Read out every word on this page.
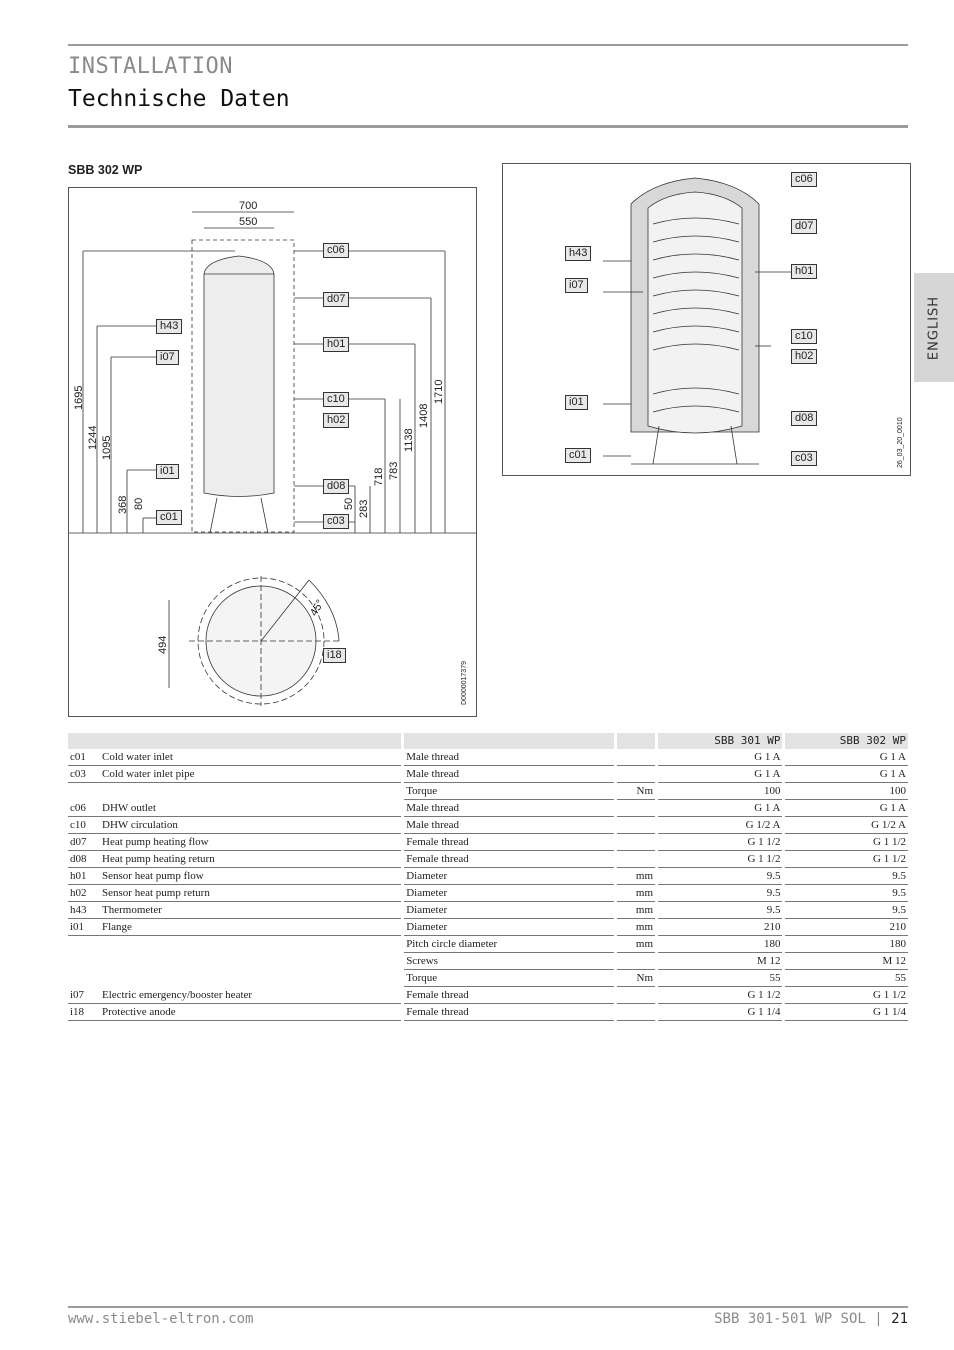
INSTALLATION
Technische Daten
ENGLISH
SBB 302 WP
700
550
1695
1244 1095
368 80	50 283
718 783
1138
1408
1710
494
45°
D0000017379
c06
d07
h43
h01
i07
c10
h02
i01
d08
c01	c03
i18
26_03_20_0010
c06
d07
h43
h01
i07
c10
h02
i01
d08
c01	c03
						SBB 301 WP		SBB 302 WP
c01 Cold water inlet		Male thread				G 1 A		G 1 A
c03 Cold water inlet pipe		Male thread				G 1 A		G 1 A
		Torque		Nm		100		100
c06 DHW outlet		Male thread				G 1 A		G 1 A
c10 DHW circulation		Male thread				G 1/2 A		G 1/2 A
d07 Heat pump heating flow		Female thread				G 1 1/2		G 1 1/2
d08 Heat pump heating return		Female thread				G 1 1/2		G 1 1/2
h01 Sensor heat pump flow		Diameter		mm		9.5		9.5
h02 Sensor heat pump return		Diameter		mm		9.5		9.5
h43 Thermometer		Diameter		mm		9.5		9.5
i01 Flange		Diameter		mm		210		210
		Pitch circle diameter		mm		180		180
		Screws				M 12		M 12
		Torque		Nm		55		55
i07 Electric emergency/booster heater		Female thread				G 1 1/2		G 1 1/2
i18 Protective anode		Female thread				G 1 1/4		G 1 1/4
www.stiebel-eltron.com	SBB 301-501 WP SOL | 21
